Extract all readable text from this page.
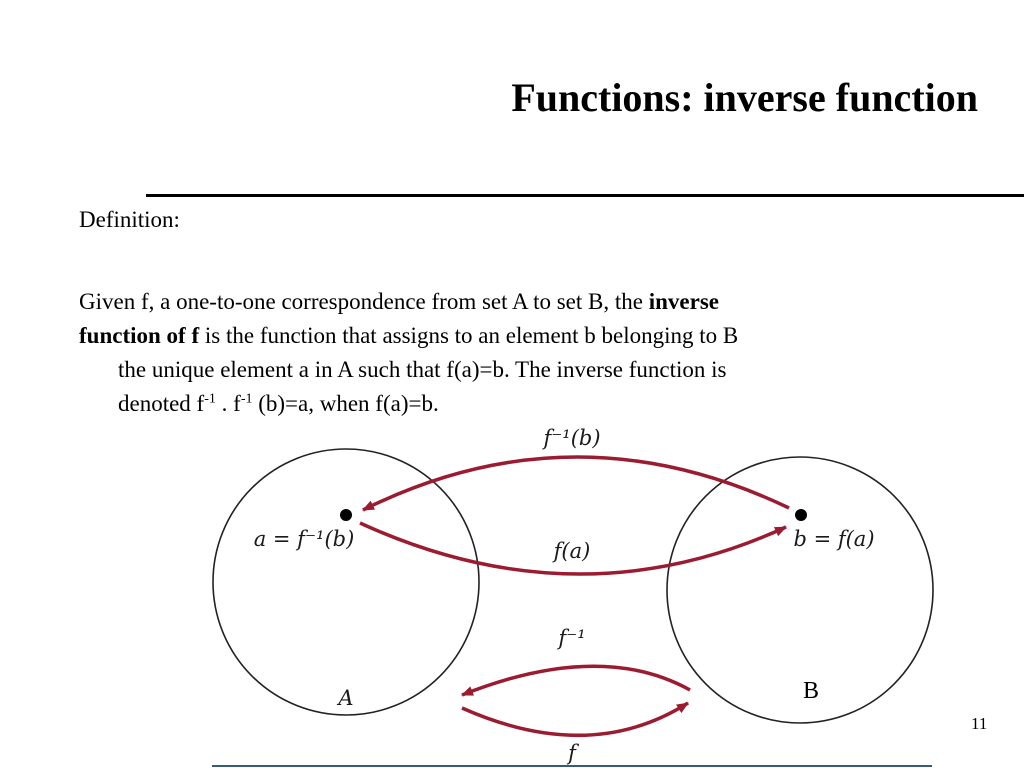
Functions: inverse function

Definition:

Given f, a one-to-one correspondence from set A to set B, the inverse

function of f is the function that assigns to an element b belonging to B

the unique element a in A such that f(a)=b. The inverse function is

denoted $f^{-1}$ . $f^{-1}$ (b)=a, when f(a)=b.

f⁻¹(b)
a = f⁻¹(b)	b = f(a)
f(a)
f⁻¹
A
f

B

11
